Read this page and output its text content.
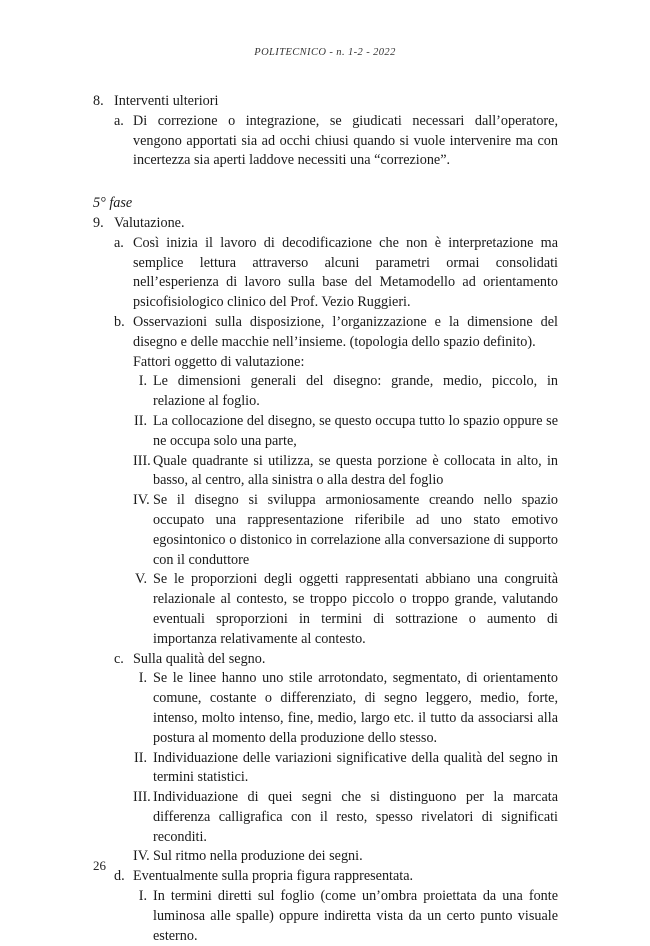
POLITECNICO - n. 1-2 - 2022
8. Interventi ulteriori
a. Di correzione o integrazione, se giudicati necessari dall’operatore, vengono apportati sia ad occhi chiusi quando si vuole intervenire ma con incertezza sia aperti laddove necessiti una “correzione”.

5° fase

9. Valutazione.
a. Così inizia il lavoro di decodificazione che non è interpretazione ma semplice lettura attraverso alcuni parametri ormai consolidati nell’esperienza di lavoro sulla base del Metamodello ad orientamento psicofisiologico clinico del Prof. Vezio Ruggieri.
b. Osservazioni sulla disposizione, l’organizzazione e la dimensione del disegno e delle macchie nell’insieme. (topologia dello spazio definito).
Fattori oggetto di valutazione:
I. Le dimensioni generali del disegno: grande, medio, piccolo, in relazione al foglio.
II. La collocazione del disegno, se questo occupa tutto lo spazio oppure se ne occupa solo una parte,
III. Quale quadrante si utilizza, se questa porzione è collocata in alto, in basso, al centro, alla sinistra o alla destra del foglio
IV. Se il disegno si sviluppa armoniosamente creando nello spazio occupato una rappresentazione riferibile ad uno stato emotivo egosintonico o distonico in correlazione alla conversazione di supporto con il conduttore
V. Se le proporzioni degli oggetti rappresentati abbiano una congruità relazionale al contesto, se troppo piccolo o troppo grande, valutando eventuali sproporzioni in termini di sottrazione o aumento di importanza relativamente al contesto.
c. Sulla qualità del segno.
I. Se le linee hanno uno stile arrotondato, segmentato, di orientamento comune, costante o differenziato, di segno leggero, medio, forte, intenso, molto intenso, fine, medio, largo etc. il tutto da associarsi alla postura al momento della produzione dello stesso.
II. Individuazione delle variazioni significative della qualità del segno in termini statistici.
III. Individuazione di quei segni che si distinguono per la marcata differenza calligrafica con il resto, spesso rivelatori di significati reconditi.
IV. Sul ritmo nella produzione dei segni.
d. Eventualmente sulla propria figura rappresentata.
I. In termini diretti sul foglio (come un’ombra proiettata da una fonte luminosa alle spalle) oppure indiretta vista da un certo punto visuale esterno.
26
